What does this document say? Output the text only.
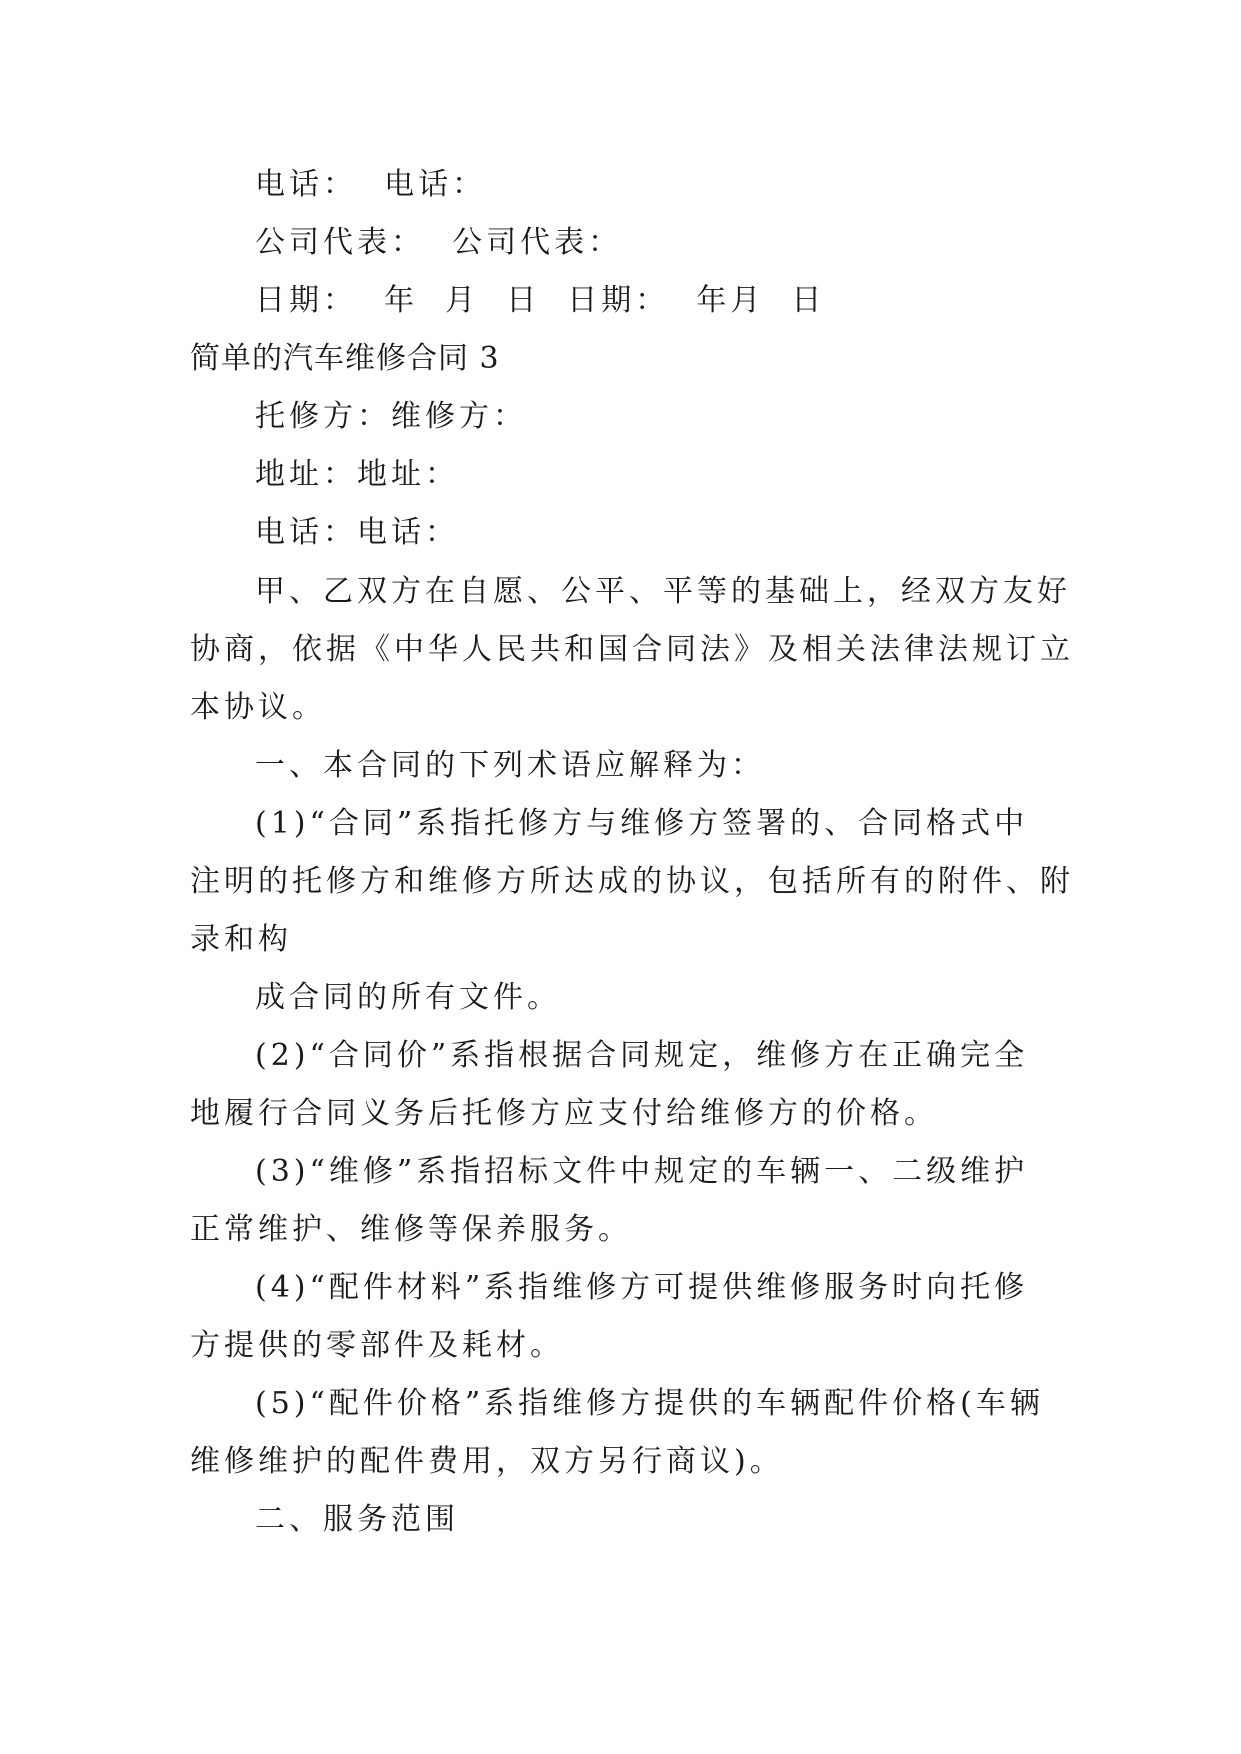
电话：  电话：
公司代表：  公司代表：
日期：  年  月  日  日期：  年月  日
简单的汽车维修合同 3
托修方：维修方：
地址：地址：
电话：电话：
甲、乙双方在自愿、公平、平等的基础上，经双方友好
协商，依据《中华人民共和国合同法》及相关法律法规订立
本协议。
一、本合同的下列术语应解释为：
(1)“合同”系指托修方与维修方签署的、合同格式中
注明的托修方和维修方所达成的协议，包括所有的附件、附
录和构
成合同的所有文件。
(2)“合同价”系指根据合同规定，维修方在正确完全
地履行合同义务后托修方应支付给维修方的价格。
(3)“维修”系指招标文件中规定的车辆一、二级维护
正常维护、维修等保养服务。
(4)“配件材料”系指维修方可提供维修服务时向托修
方提供的零部件及耗材。
(5)“配件价格”系指维修方提供的车辆配件价格(车辆
维修维护的配件费用，双方另行商议)。
二、服务范围
